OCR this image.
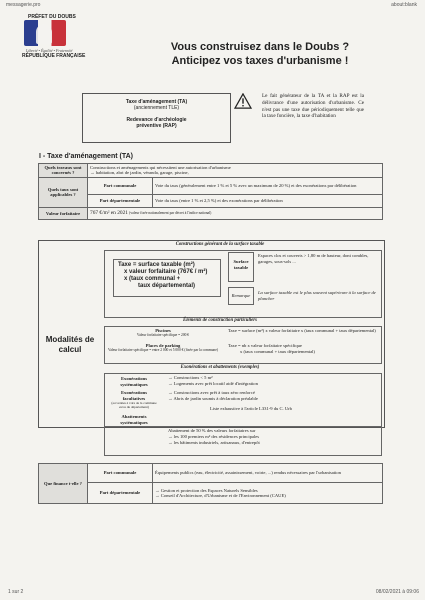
messagerie.pro	about:blank
PRÉFET DU DOUBS
Liberté • Égalité • Fraternité
RÉPUBLIQUE FRANÇAISE
Vous construisez dans le Doubs ?
Anticipez vos taxes d'urbanisme !
Taxe d'aménagement (TA)
(anciennement TLE)
Redevance d'archéologie
préventive (RAP)
Le fait générateur de la TA et la RAP est la délivrance d'une autorisation d'urbanisme. Ce n'est pas une taxe due périodiquement telle que la taxe foncière, la taxe d'habitation
I - Taxe d'aménagement (TA)
Quels travaux sont concernés ?	Constructions et aménagements qui nécessitent une autorisation d'urbanisme
→ habitation, abri de jardin, véranda, garage, piscine,	

Quels taux sont applicables ?	Part communale	Vote du taux (généralement entre 1 % et 5 % avec un maximum de 20 %) et des exonérations par délibération
	Part départementale	Vote du taux (entre 1 % et 2,5 %) et des exonérations par délibération
Valeur forfaitaire	767 €/m² en 2021 (valeur fixée nationalement par décret à l'indice national)	
Modalités de calcul
Constructions générant de la surface taxable
Taxe = surface taxable (m²)
x valeur forfaitaire (767€ / m²)
x (taux communal +
taux départemental)
Surface taxable
Espaces clos et couverts > 1,80 m de hauteur, dont combles, garages, sous-sols ...
Remarque
La surface taxable est le plus souvent supérieure à la surface de plancher
Éléments de construction particuliers
Piscines
Valeur forfaitaire spécifique = 200 €
Taxe = surface (m²) x valeur forfaitaire x (taux communal + taux départemental)
Places de parking
Valeur forfaitaire spécifique = entre 2 000 et 5 000 € (fixée par la commune)
Taxe = nb x valeur forfaitaire spécifique
x (taux communal + taux départemental)
Exonérations et abattements (exemples)
Exonérations systématiques
→ Constructions < 5 m²
→ Logements avec prêt locatif aidé d'intégration
Exonérations facultatives
(accordées à voix de la commune et/ou du département)
→ Constructions avec prêt à taux zéro renforcé
→ Abris de jardin soumis à déclaration préalable
Liste exhaustive à l'article L331-9 du C. Urb
Abattements systématiques
Abattement de 50 % des valeurs forfaitaires sur
→ les 100 premiers m² des résidences principales
→ les bâtiments industriels, artisanaux, d'entrepôt
Que finance t-elle ?	Part communale	Équipements publics (eau, électricité, assainissement, voirie, ...) rendus nécessaires par l'urbanisation
	Part départementale	→ Gestion et protection des Espaces Naturels Sensibles
→ Conseil d'Architecture, d'Urbanisme et de l'Environnement (CAUE)
1 sur 2	08/02/2021 à 09:06
